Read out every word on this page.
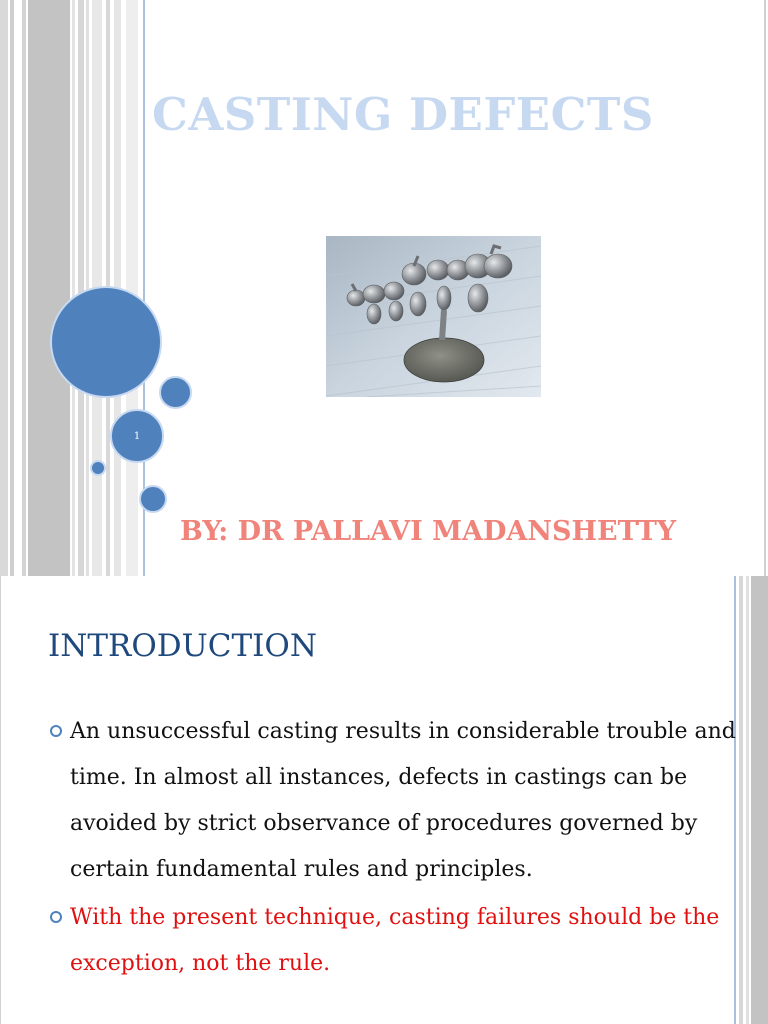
CASTING DEFECTS
1
BY: DR PALLAVI MADANSHETTY
INTRODUCTION
An unsuccessful casting results in considerable trouble and time. In almost all instances, defects in castings can be avoided by strict observance of procedures governed by certain fundamental rules and principles.
With the present technique, casting failures should be the exception, not the rule.
